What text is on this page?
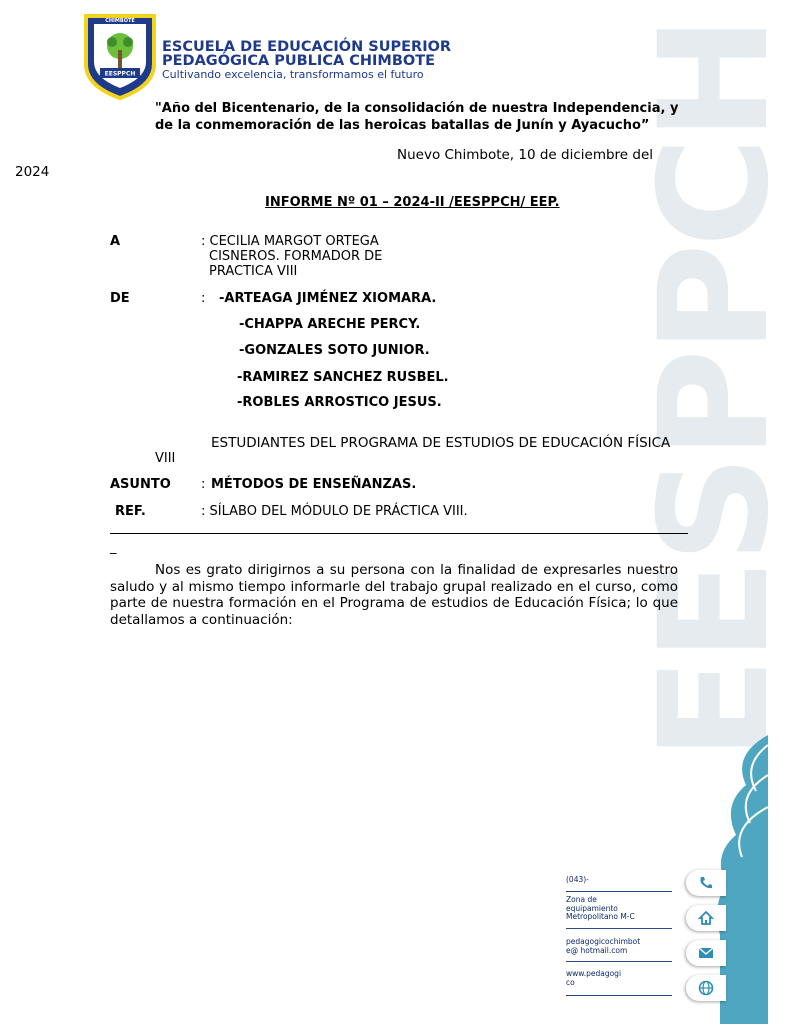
EESPPCH
CHIMBOTE
EESPPCH
ESCUELA DE EDUCACIÓN SUPERIOR
PEDAGÓGICA PUBLICA CHIMBOTE
Cultivando excelencia, transformamos el futuro
"Año del Bicentenario, de la consolidación de nuestra Independencia, y
de la conmemoración de las heroicas batallas de Junín y Ayacucho”
Nuevo Chimbote, 10 de diciembre del
2024
INFORME Nº 01 – 2024-II /EESPPCH/ EEP.
A	: CECILIA MARGOT ORTEGA
CISNEROS. FORMADOR DE
PRACTICA VIII
DE	: -ARTEAGA JIMÉNEZ XIOMARA.
-CHAPPA ARECHE PERCY.
-GONZALES SOTO JUNIOR.
-RAMIREZ SANCHEZ RUSBEL.
-ROBLES ARROSTICO JESUS.
ESTUDIANTES DEL PROGRAMA DE ESTUDIOS DE EDUCACIÓN FÍSICA
VIII
ASUNTO : MÉTODOS DE ENSEÑANZAS.
REF.	: SÍLABO DEL MÓDULO DE PRÁCTICA VIII.
_
Nos es grato dirigirnos a su persona con la finalidad de expresarles nuestro saludo y al mismo tiempo informarle del trabajo grupal realizado en el curso, como parte de nuestra formación en el Programa de estudios de Educación Física; lo que detallamos a continuación:
(043)-
Zona de
equipamiento
Metropolitano M-C
pedagogicochimbot
e@ hotmail.com
www.pedagogi
co
